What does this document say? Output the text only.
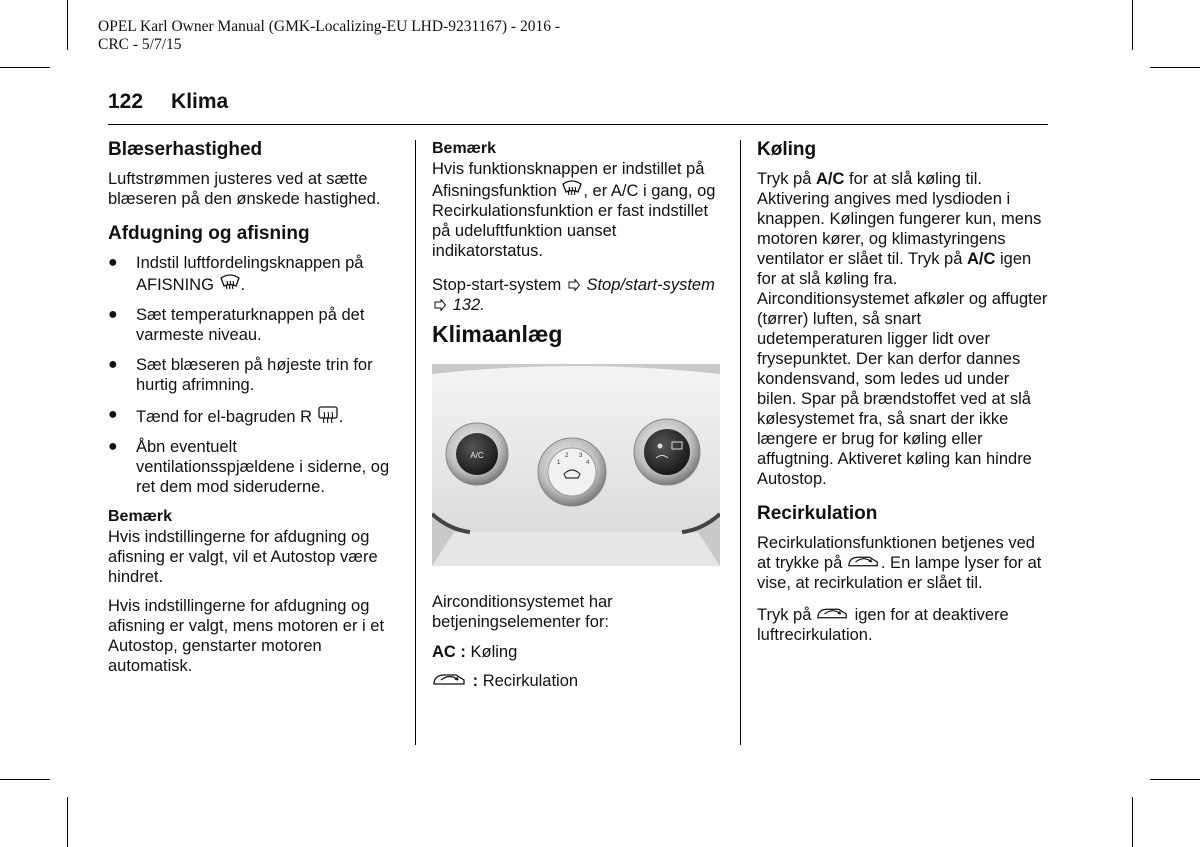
OPEL Karl Owner Manual (GMK-Localizing-EU LHD-9231167) - 2016 -
CRC - 5/7/15
122 Klima
Blæserhastighed

Luftstrømmen justeres ved at sætte blæseren på den ønskede hastighed.

Afdugning og afisning
● Indstil luftfordelingsknappen på AFISNING .
● Sæt temperaturknappen på det varmeste niveau.
● Sæt blæseren på højeste trin for hurtig afrimning.
● Tænd for el-bagruden R .
● Åbn eventuelt ventilationsspjældene i siderne, og ret dem mod sideruderne.
Bemærk

Hvis indstillingerne for afdugning og afisning er valgt, vil et Autostop være hindret.

Hvis indstillingerne for afdugning og afisning er valgt, mens motoren er i et Autostop, genstarter motoren automatisk.

Bemærk

Hvis funktionsknappen er indstillet på Afisningsfunktion , er A/C i gang, og Recirkulationsfunktion er fast indstillet på udeluftfunktion uanset indikatorstatus.

Stop-start-system Stop/start-system  132.

Klimaanlæg
A/C
1
2 3
4

Airconditionsystemet har betjeningselementer for:

AC : Køling

: Recirkulation

Køling

Tryk på A/C for at slå køling til. Aktivering angives med lysdioden i knappen. Kølingen fungerer kun, mens motoren kører, og klimastyringens ventilator er slået til. Tryk på A/C igen for at slå køling fra. Airconditionsystemet afkøler og affugter (tørrer) luften, så snart udetemperaturen ligger lidt over frysepunktet. Der kan derfor dannes kondensvand, som ledes ud under bilen. Spar på brændstoffet ved at slå kølesystemet fra, så snart der ikke længere er brug for køling eller affugtning. Aktiveret køling kan hindre Autostop.

Recirkulation

Recirkulationsfunktionen betjenes ved at trykke på . En lampe lyser for at vise, at recirkulation er slået til.

Tryk på  igen for at deaktivere luftrecirkulation.
